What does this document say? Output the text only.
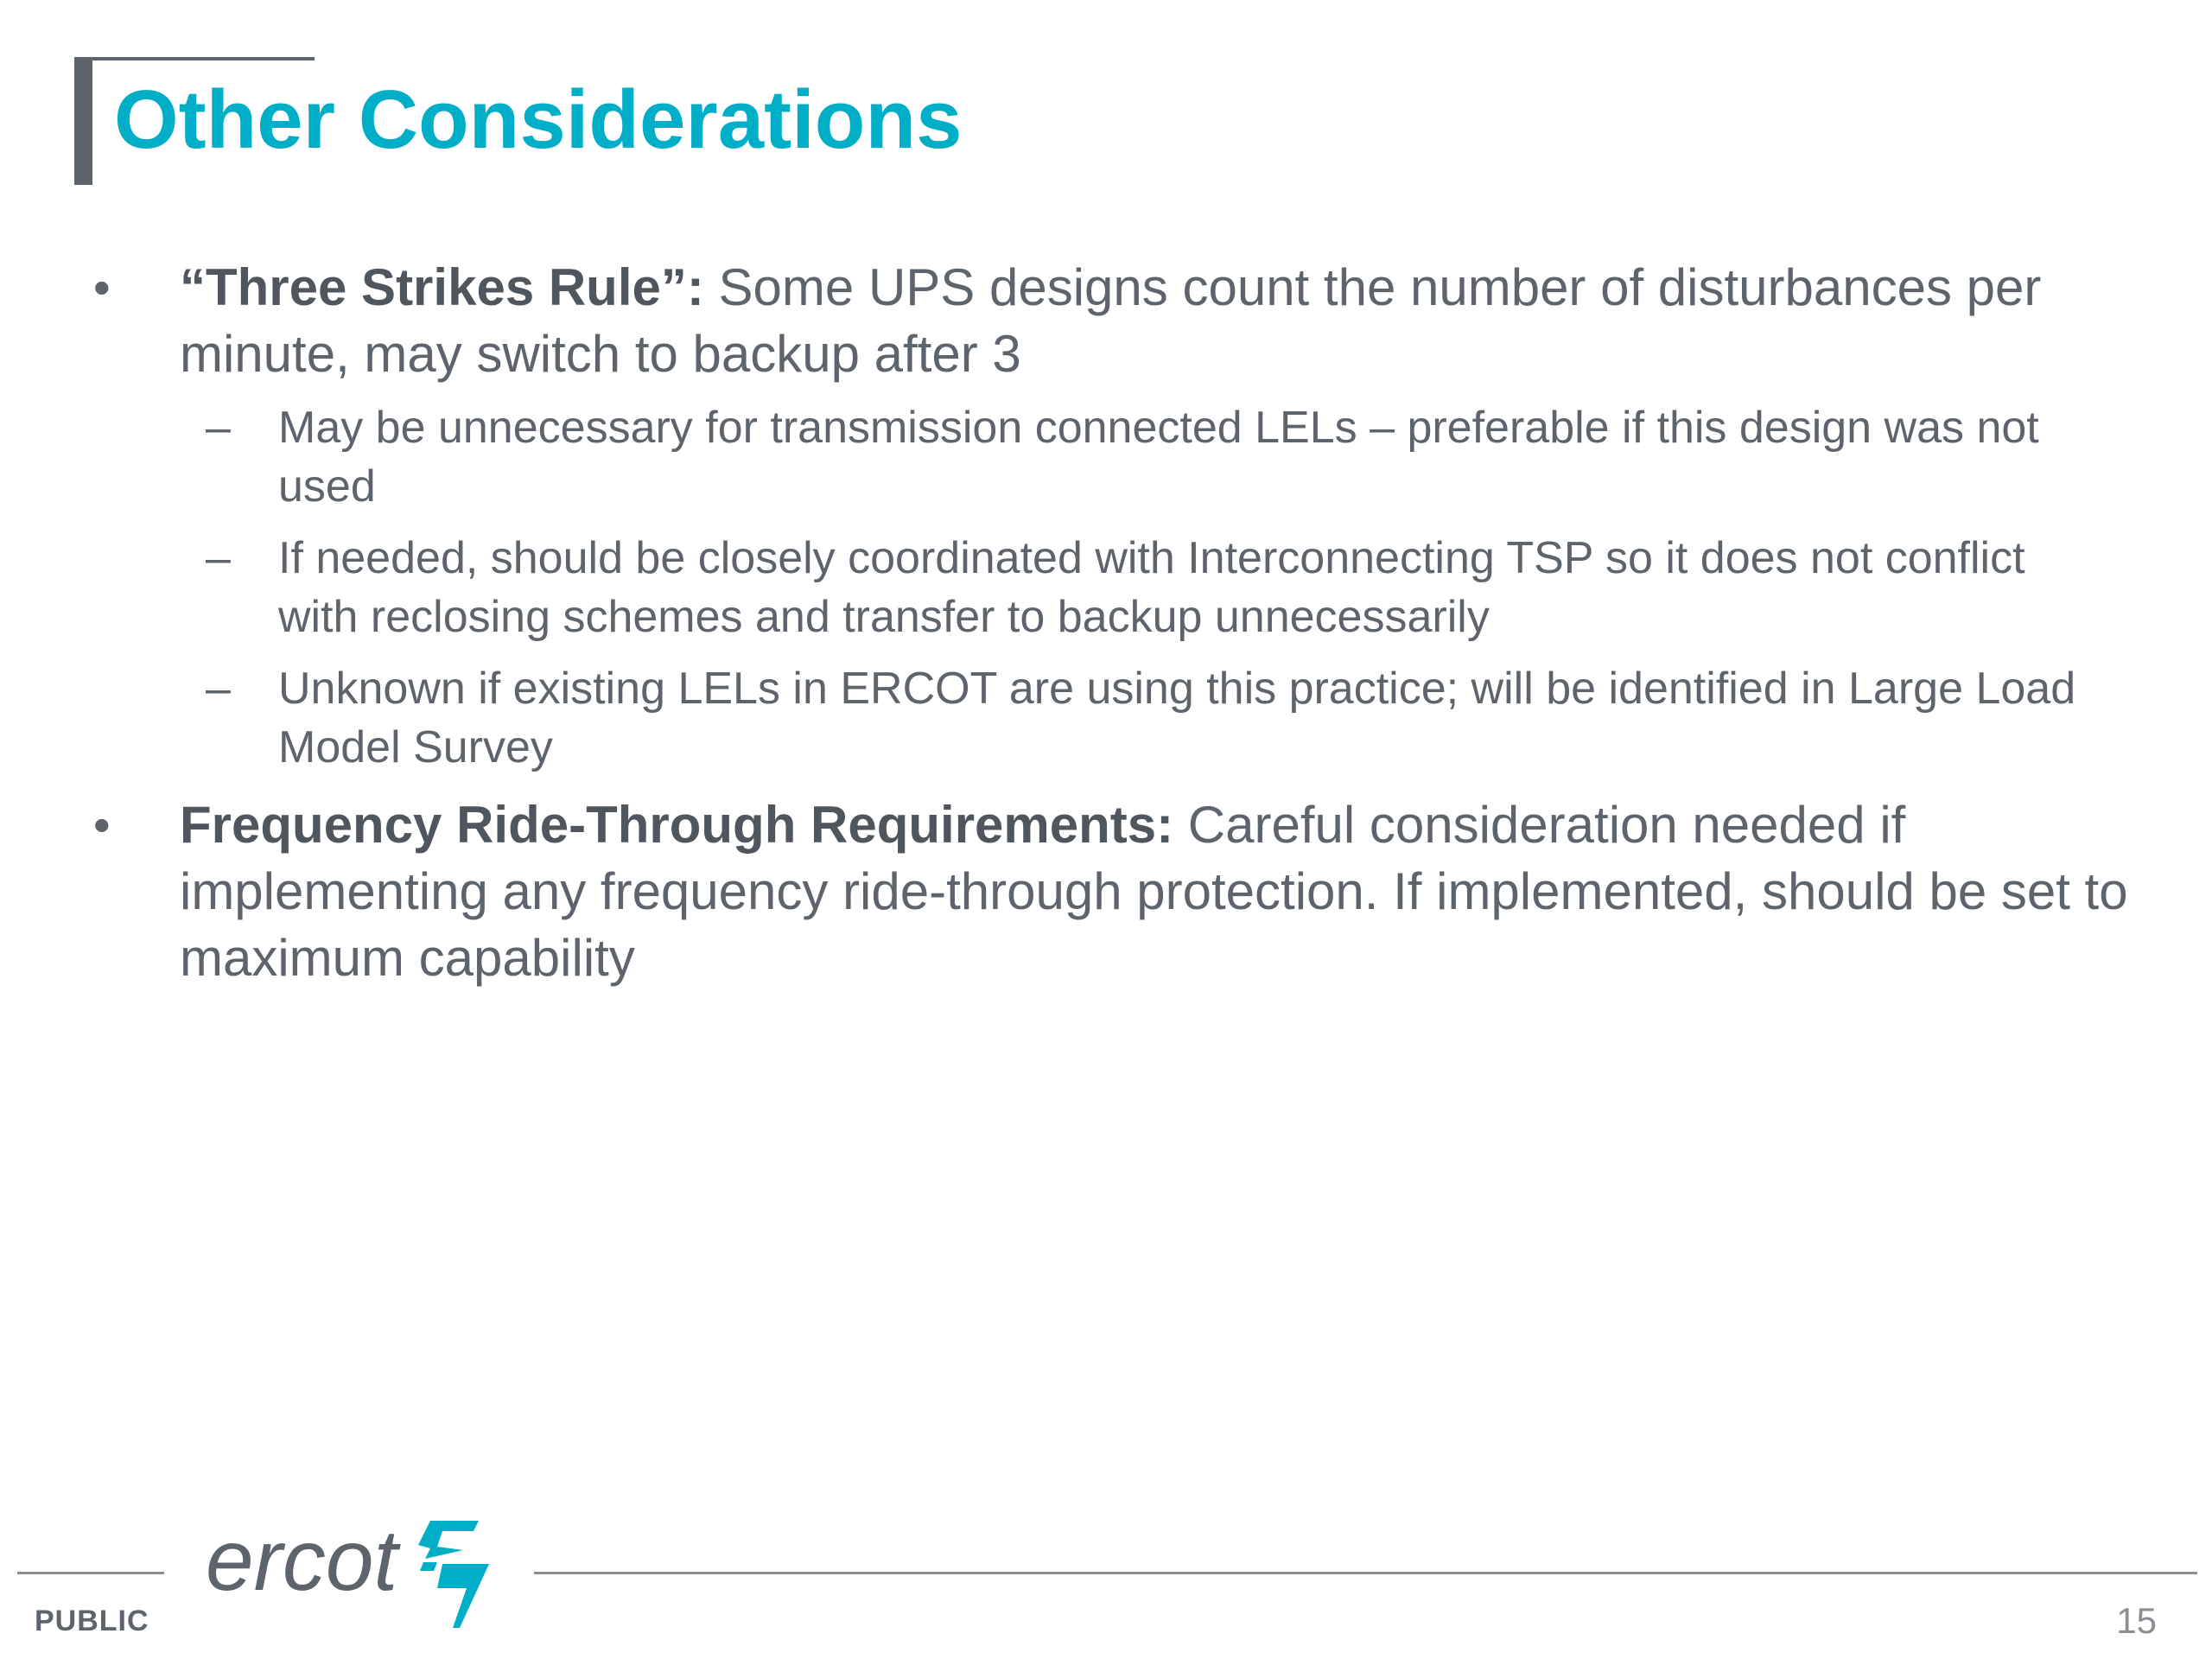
Other Considerations
• “Three Strikes Rule”: Some UPS designs count the number of disturbances per minute, may switch to backup after 3
– May be unnecessary for transmission connected LELs – preferable if this design was not used
– If needed, should be closely coordinated with Interconnecting TSP so it does not conflict with reclosing schemes and transfer to backup unnecessarily
– Unknown if existing LELs in ERCOT are using this practice; will be identified in Large Load Model Survey
• Frequency Ride-Through Requirements: Careful consideration needed if implementing any frequency ride-through protection. If implemented, should be set to maximum capability
ercot
PUBLIC	15
